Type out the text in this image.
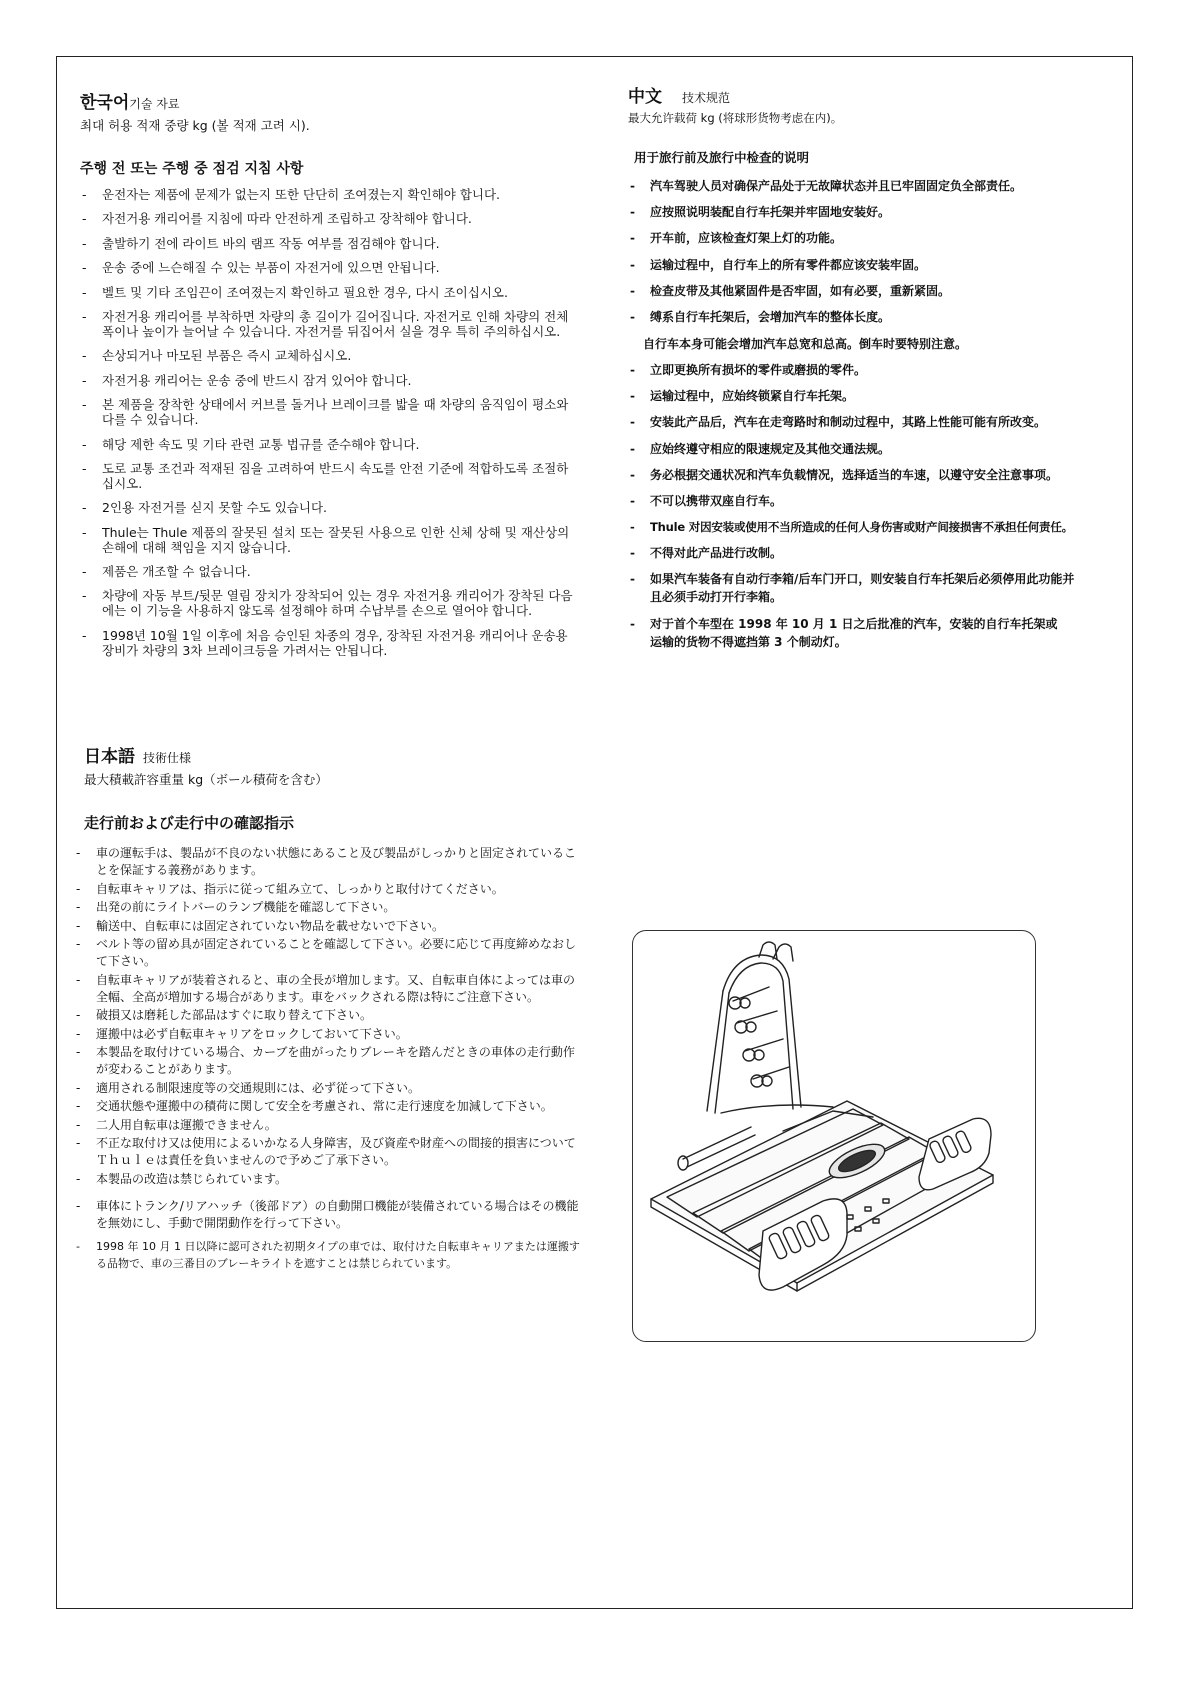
한국어 기술 자료
최대 허용 적재 중량 kg (볼 적재 고려 시).
주행 전 또는 주행 중 점검 지침 사항
- 운전자는 제품에 문제가 없는지 또한 단단히 조여졌는지 확인해야 합니다.
- 자전거용 캐리어를 지침에 따라 안전하게 조립하고 장착해야 합니다.
- 출발하기 전에 라이트 바의 램프 작동 여부를 점검해야 합니다.
- 운송 중에 느슨해질 수 있는 부품이 자전거에 있으면 안됩니다.
- 벨트 및 기타 조임끈이 조여졌는지 확인하고 필요한 경우, 다시 조이십시오.
- 자전거용 캐리어를 부착하면 차량의 총 길이가 길어집니다. 자전거로 인해 차량의 전체 폭이나 높이가 늘어날 수 있습니다. 자전거를 뒤집어서 실을 경우 특히 주의하십시오.
- 손상되거나 마모된 부품은 즉시 교체하십시오.
- 자전거용 캐리어는 운송 중에 반드시 잠겨 있어야 합니다.
- 본 제품을 장착한 상태에서 커브를 돌거나 브레이크를 밟을 때 차량의 움직임이 평소와 다를 수 있습니다.
- 해당 제한 속도 및 기타 관련 교통 법규를 준수해야 합니다.
- 도로 교통 조건과 적재된 짐을 고려하여 반드시 속도를 안전 기준에 적합하도록 조절하십시오.
- 2인용 자전거를 싣지 못할 수도 있습니다.
- Thule는 Thule 제품의 잘못된 설치 또는 잘못된 사용으로 인한 신체 상해 및 재산상의 손해에 대해 책임을 지지 않습니다.
- 제품은 개조할 수 없습니다.
- 차량에 자동 부트/뒷문 열림 장치가 장착되어 있는 경우 자전거용 캐리어가 장착된 다음에는 이 기능을 사용하지 않도록 설정해야 하며 수납부를 손으로 열어야 합니다.
- 1998년 10월 1일 이후에 처음 승인된 차종의 경우, 장착된 자전거용 캐리어나 운송용 장비가 차량의 3차 브레이크등을 가려서는 안됩니다.
中文 技术规范
最大允许载荷 kg (将球形货物考虑在内)。
用于旅行前及旅行中检查的说明
- 汽车驾驶人员对确保产品处于无故障状态并且已牢固固定负全部责任。
- 应按照说明装配自行车托架并牢固地安装好。
- 开车前，应该检查灯架上灯的功能。
- 运输过程中，自行车上的所有零件都应该安装牢固。
- 检查皮带及其他紧固件是否牢固，如有必要，重新紧固。
- 缚系自行车托架后，会增加汽车的整体长度。
自行车本身可能会增加汽车总宽和总高。倒车时要特别注意。
- 立即更换所有损坏的零件或磨损的零件。
- 运输过程中，应始终锁紧自行车托架。
- 安装此产品后，汽车在走弯路时和制动过程中，其路上性能可能有所改变。
- 应始终遵守相应的限速规定及其他交通法规。
- 务必根据交通状况和汽车负载情况，选择适当的车速，以遵守安全注意事项。
- 不可以携带双座自行车。
- Thule 对因安装或使用不当所造成的任何人身伤害或财产间接损害不承担任何责任。
- 不得对此产品进行改制。
- 如果汽车装备有自动行李箱/后车门开口，则安装自行车托架后必须停用此功能并且必须手动打开行李箱。
- 对于首个车型在 1998 年 10 月 1 日之后批准的汽车，安装的自行车托架或运输的货物不得遮挡第 3 个制动灯。
日本語 技術仕様
最大積載許容重量 kg（ボール積荷を含む）
走行前および走行中の確認指示
- 車の運転手は、製品が不良のない状態にあること及び製品がしっかりと固定されていることを保証する義務があります。
- 自転車キャリアは、指示に従って組み立て、しっかりと取付けてください。
- 出発の前にライトバーのランプ機能を確認して下さい。
- 輸送中、自転車には固定されていない物品を載せないで下さい。
- ベルト等の留め具が固定されていることを確認して下さい。必要に応じて再度締めなおして下さい。
- 自転車キャリアが装着されると、車の全長が増加します。又、自転車自体によっては車の全幅、全高が増加する場合があります。車をバックされる際は特にご注意下さい。
- 破損又は磨耗した部品はすぐに取り替えて下さい。
- 運搬中は必ず自転車キャリアをロックしておいて下さい。
- 本製品を取付けている場合、カーブを曲がったりブレーキを踏んだときの車体の走行動作が変わることがあります。
- 適用される制限速度等の交通規則には、必ず従って下さい。
- 交通状態や運搬中の積荷に関して安全を考慮され、常に走行速度を加減して下さい。
- 二人用自転車は運搬できません。
- 不正な取付け又は使用によるいかなる人身障害，及び資産や財産への間接的損害についてＴｈｕｌｅは責任を負いませんので予めご了承下さい。
- 本製品の改造は禁じられています。
- 車体にトランク/リアハッチ（後部ドア）の自動開口機能が装備されている場合はその機能を無効にし、手動で開閉動作を行って下さい。
- 1998 年 10 月 1 日以降に認可された初期タイプの車では、取付けた自転車キャリアまたは運搬する品物で、車の三番目のブレーキライトを遮すことは禁じられています。
